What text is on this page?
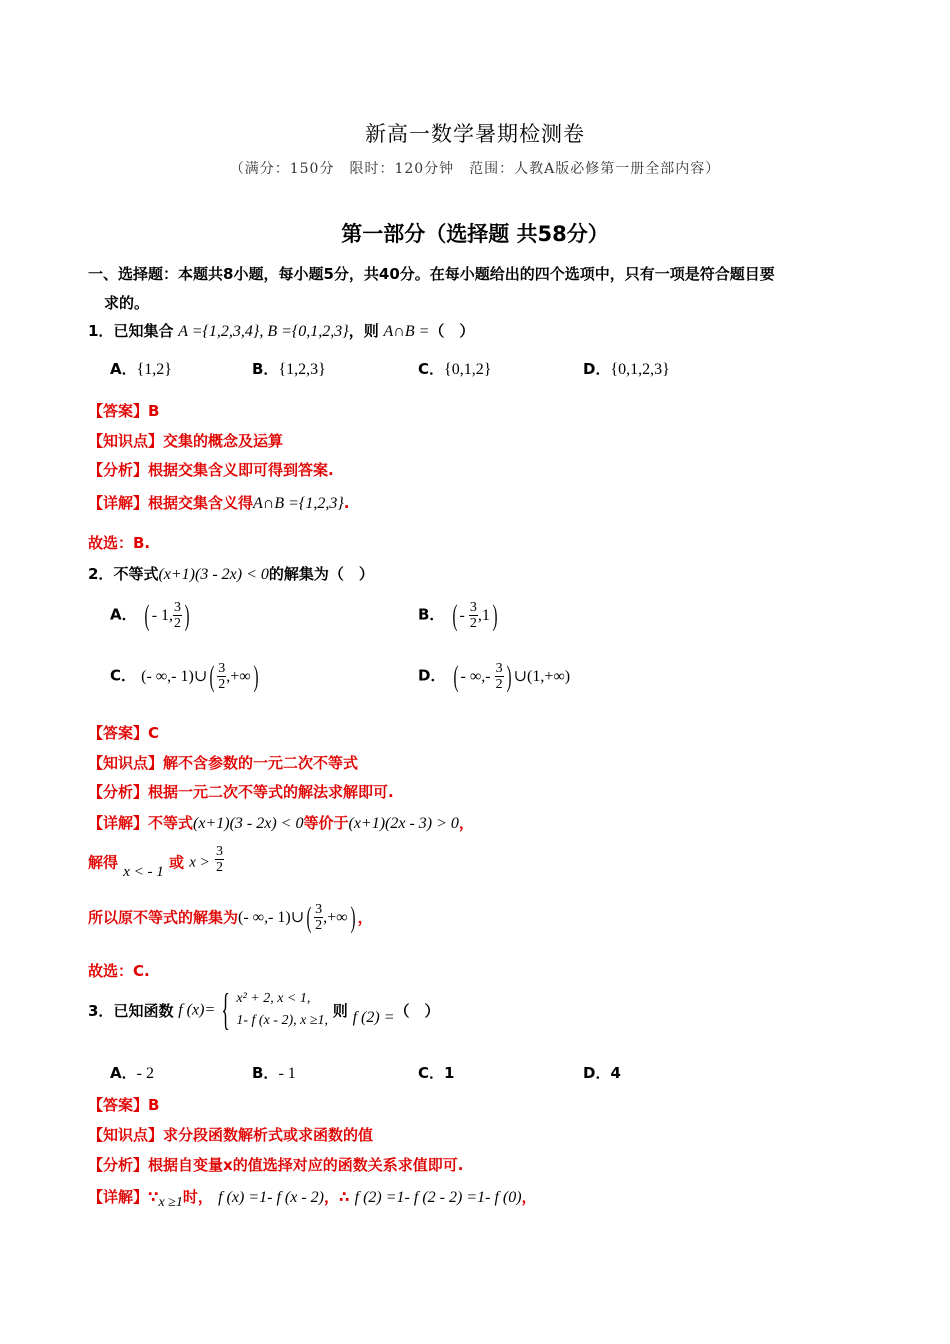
新高一数学暑期检测卷
（满分：150分　限时：120分钟　范围：人教A版必修第一册全部内容）
第一部分（选择题 共58分）
一、选择题：本题共8小题，每小题5分，共40分。在每小题给出的四个选项中，只有一项是符合题目要
求的。
1．已知集合 A ={1,2,3,4}, B ={0,1,2,3}，则 A∩B =（　）
A．{1,2}	B．{1,2,3}	C．{0,1,2}	D．{0,1,2,3}
【答案】B
【知识点】交集的概念及运算
【分析】根据交集含义即可得到答案.
【详解】根据交集含义得A∩B ={1,2,3}.
故选：B.
2．不等式(x+1)(3 - 2x) < 0的解集为（　）
A． ( - 1, $\frac{3}{2}$ )	B． ( - $\frac{3}{2} ,1$)
C． (- ∞,- 1)∪( $\frac{3}{2}$ ,+∞)	D． ( - ∞,- $\frac{3}{2}$ ) ∪(1,+∞)
【答案】C
【知识点】解不含参数的一元二次不等式
【分析】根据一元二次不等式的解法求解即可.
【详解】不等式(x+1)(3 - 2x) < 0等价于(x+1)(2x - 3) > 0，
解得 x < - 1 或 $x > \frac{3}{2}$
所以原不等式的解集为(- ∞,- 1)∪( $\frac{3}{2}$ ,+∞) ，
故选：C.
3．已知函数 f (x)= { x² + 2, x < 1,
1- f (x - 2), x ≥1,
则 f (2) =（　）
A．- 2	B．- 1	C．1	D．4
【答案】B
【知识点】求分段函数解析式或求函数的值
【分析】根据自变量x的值选择对应的函数关系求值即可.
【详解】∵x ≥1时， f (x) =1- f (x - 2)，∴ f (2) =1- f (2 - 2) =1- f (0)，
